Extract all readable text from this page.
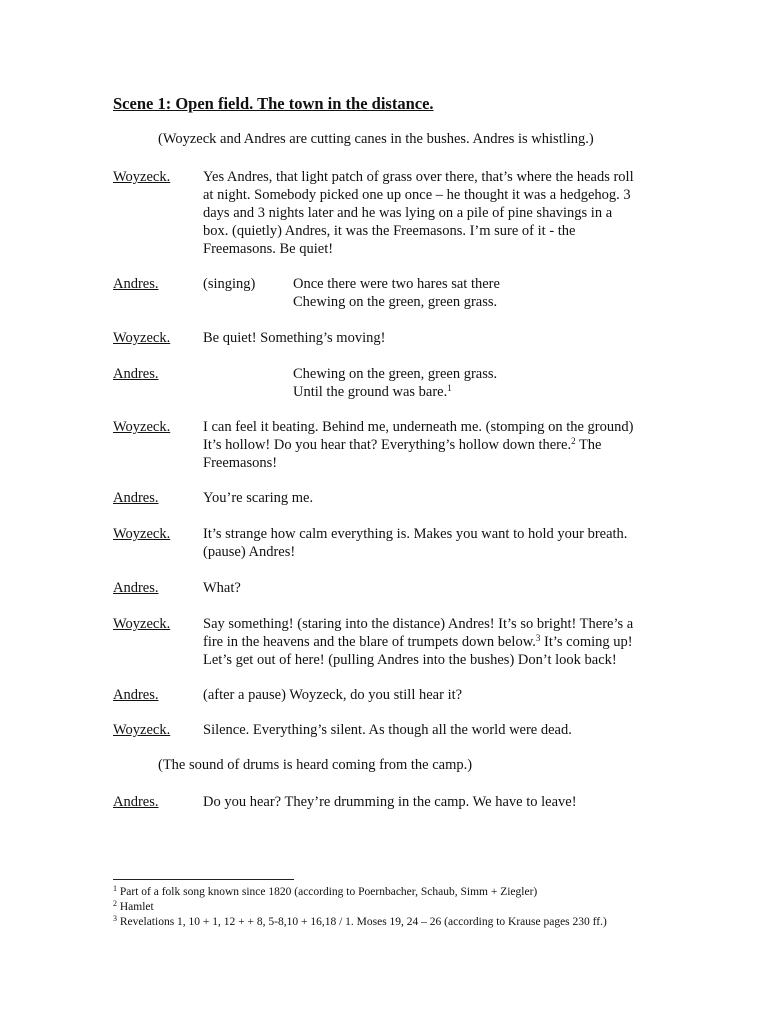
Scene 1: Open field. The town in the distance.
(Woyzeck and Andres are cutting canes in the bushes. Andres is whistling.)
Woyzeck. Yes Andres, that light patch of grass over there, that’s where the heads roll
at night. Somebody picked one up once – he thought it was a hedgehog. 3
days and 3 nights later and he was lying on a pile of pine shavings in a
box. (quietly) Andres, it was the Freemasons. I’m sure of it - the
Freemasons. Be quiet!
Andres.	(singing)	Once there were two hares sat there
Chewing on the green, green grass.
Woyzeck. Be quiet! Something’s moving!
Andres.	Chewing on the green, green grass.
Until the ground was bare.$^1$
Woyzeck. I can feel it beating. Behind me, underneath me. (stomping on the ground)
It’s hollow! Do you hear that? Everything’s hollow down there.$^2$ The
Freemasons!
Andres.	You’re scaring me.
Woyzeck. It’s strange how calm everything is. Makes you want to hold your breath.
(pause) Andres!
Andres.	What?
Woyzeck. Say something! (staring into the distance) Andres! It’s so bright! There’s a
fire in the heavens and the blare of trumpets down below.$^3$ It’s coming up!
Let’s get out of here! (pulling Andres into the bushes) Don’t look back!
Andres.	(after a pause) Woyzeck, do you still hear it?
Woyzeck. Silence. Everything’s silent. As though all the world were dead.
(The sound of drums is heard coming from the camp.)
Andres.	Do you hear? They’re drumming in the camp. We have to leave!
$^1$ Part of a folk song known since 1820 (according to Poernbacher, Schaub, Simm + Ziegler)
$^2$ Hamlet
$^3$ Revelations 1, 10 + 1, 12 + + 8, 5-8,10 + 16,18 / 1. Moses 19, 24 – 26 (according to Krause pages 230 ff.)
